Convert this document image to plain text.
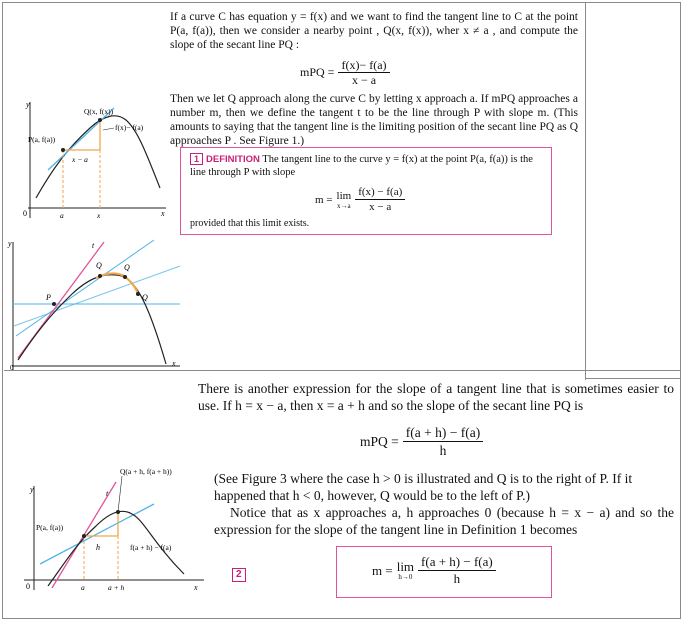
If a curve C has equation y = f(x) and we want to find the tangent line to C at the point P(a, f(a)), then we consider a nearby point , Q(x, f(x)), wher x ≠ a , and compute the slope of the secant line PQ :
mPQ = $\frac{f(x)- f(a)}{x - a}$
Then we let Q approach along the curve C by letting x approach a. If mPQ approaches a number m, then we define the tangent t to be the line through P with slope m. (This amounts to saying that the tangent line is the limiting position of the secant line PQ as Q approaches P . See Figure 1.)
1 DEFINITION The tangent line to the curve y = f(x) at the point P(a, f(a)) is the line through P with slope
m = lim
$x\to a \frac{f(x) - f(a)}{x - a}$
provided that this limit exists.
y
x
0
Q(x, f(x))
P(a, f(a))
f(x)− f(a)
x − a
a	x
y
x
0
P
t
Q	Q
Q
There is another expression for the slope of a tangent line that is sometimes easier to use. If h = x − a, then x = a + h and so the slope of the secant line PQ is
mPQ = $\frac{f(a + h) - f(a)}{h}$
(See Figure 3 where the case h > 0 is illustrated and Q is to the right of P. If it happened that h < 0, however, Q would be to the left of P.)
Notice that as x approaches a, h approaches 0 (because h = x − a) and so the expression for the slope of the tangent line in Definition 1 becomes
2	m = lim
$h\to 0 \frac{f(a + h) - f(a)}{h}$
y
x
0
Q(a + h, f(a + h))
P(a, f(a))
t
h	f(a + h) − f(a)
a	a + h
